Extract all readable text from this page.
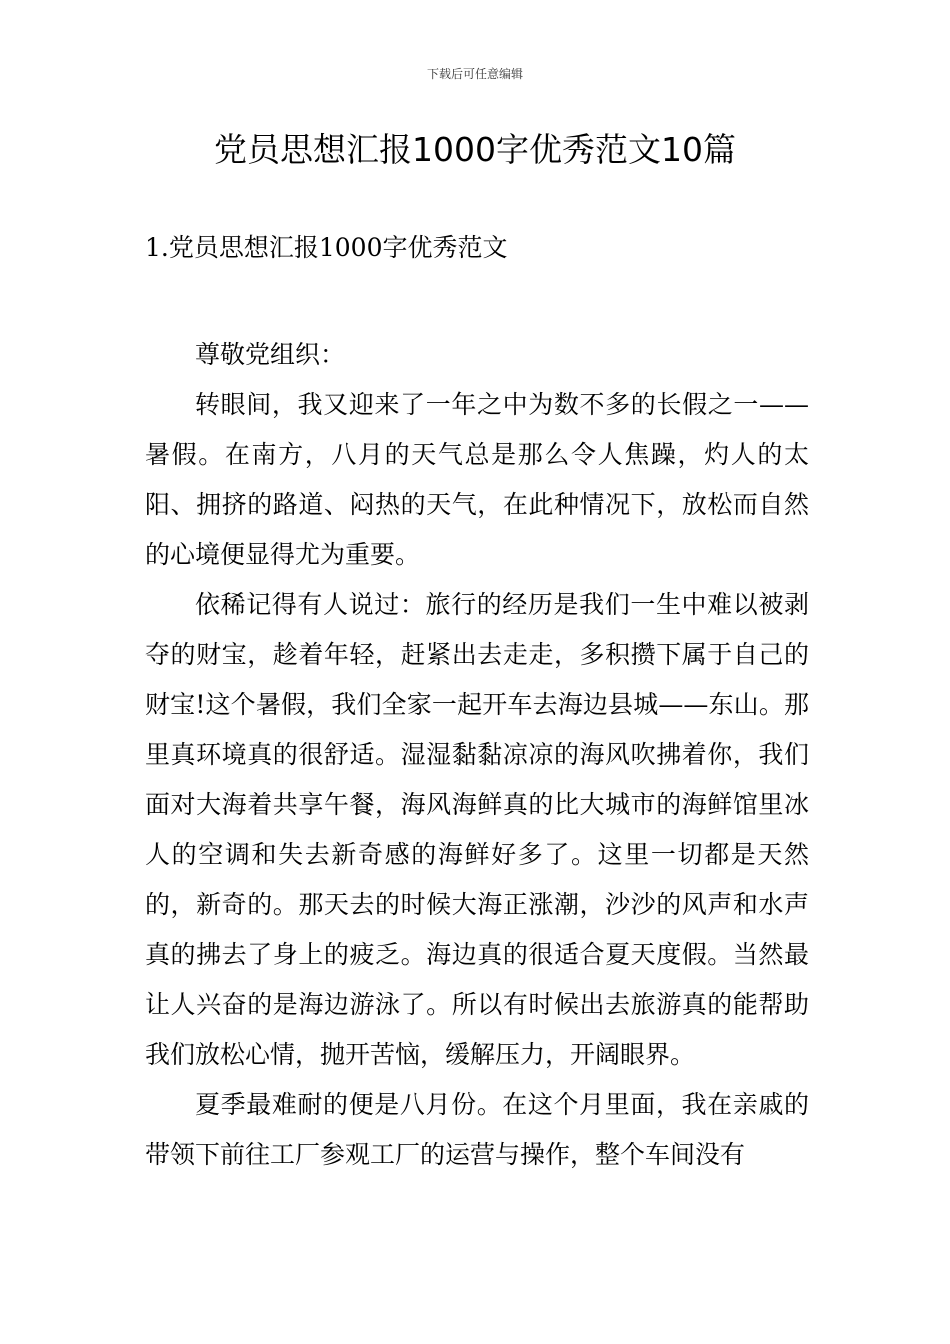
下载后可任意编辑
党员思想汇报1000字优秀范文10篇
1.党员思想汇报1000字优秀范文

尊敬党组织：

转眼间，我又迎来了一年之中为数不多的长假之一——暑假。在南方，八月的天气总是那么令人焦躁，灼人的太阳、拥挤的路道、闷热的天气，在此种情况下，放松而自然的心境便显得尤为重要。

依稀记得有人说过：旅行的经历是我们一生中难以被剥夺的财宝，趁着年轻，赶紧出去走走，多积攒下属于自己的财宝!这个暑假，我们全家一起开车去海边县城——东山。那里真环境真的很舒适。湿湿黏黏凉凉的海风吹拂着你，我们面对大海着共享午餐，海风海鲜真的比大城市的海鲜馆里冰人的空调和失去新奇感的海鲜好多了。这里一切都是天然的，新奇的。那天去的时候大海正涨潮，沙沙的风声和水声真的拂去了身上的疲乏。海边真的很适合夏天度假。当然最让人兴奋的是海边游泳了。所以有时候出去旅游真的能帮助我们放松心情，抛开苦恼，缓解压力，开阔眼界。

夏季最难耐的便是八月份。在这个月里面，我在亲戚的带领下前往工厂参观工厂的运营与操作，整个车间没有
